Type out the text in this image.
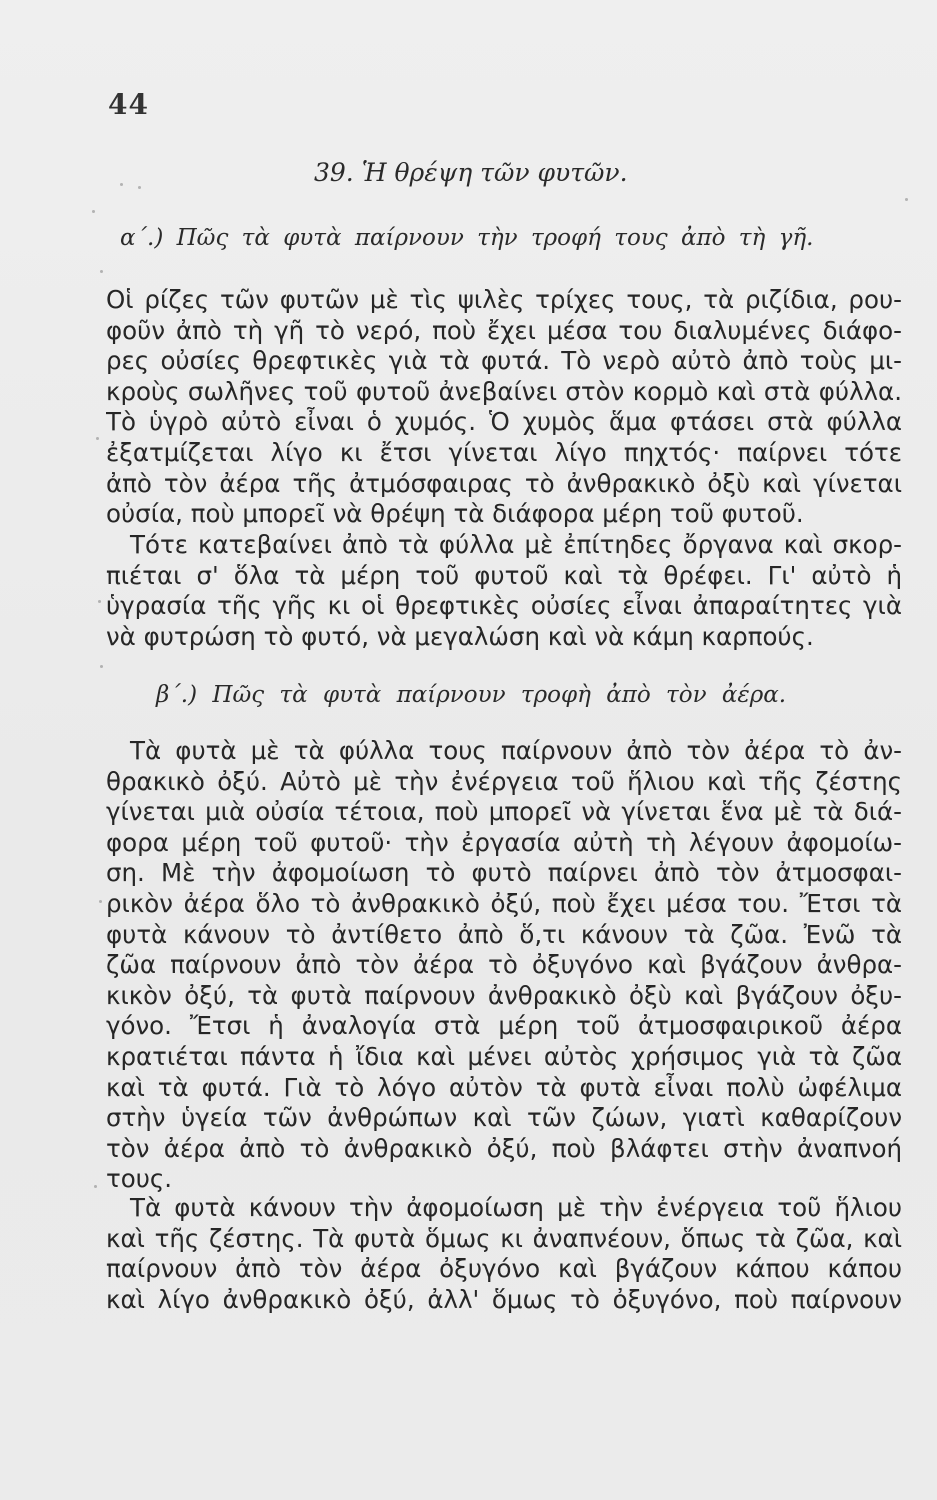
44
39. Ἡ θρέψη τῶν φυτῶν.
α΄.) Πῶς τὰ φυτὰ παίρνουν τὴν τροφή τους ἀπὸ τὴ γῆ.
Οἱ ρίζες τῶν φυτῶν μὲ τὶς ψιλὲς τρίχες τους, τὰ ριζίδια, ρου-
φοῦν ἀπὸ τὴ γῆ τὸ νερό, ποὺ ἔχει μέσα του διαλυμένες διάφο-
ρες οὐσίες θρεφτικὲς γιὰ τὰ φυτά. Τὸ νερὸ αὐτὸ ἀπὸ τοὺς μι-
κροὺς σωλῆνες τοῦ φυτοῦ ἀνεβαίνει στὸν κορμὸ καὶ στὰ φύλλα.
Τὸ ὑγρὸ αὐτὸ εἶναι ὁ χυμός. Ὁ χυμὸς ἅμα φτάσει στὰ φύλλα
ἐξατμίζεται λίγο κι ἔτσι γίνεται λίγο πηχτός· παίρνει τότε
ἀπὸ τὸν ἀέρα τῆς ἀτμόσφαιρας τὸ ἀνθρακικὸ ὀξὺ καὶ γίνεται
οὐσία, ποὺ μπορεῖ νὰ θρέψη τὰ διάφορα μέρη τοῦ φυτοῦ.
Τότε κατεβαίνει ἀπὸ τὰ φύλλα μὲ ἐπίτηδες ὄργανα καὶ σκορ-
πιέται σ' ὅλα τὰ μέρη τοῦ φυτοῦ καὶ τὰ θρέφει. Γι' αὐτὸ ἡ
ὑγρασία τῆς γῆς κι οἱ θρεφτικὲς οὐσίες εἶναι ἀπαραίτητες γιὰ
νὰ φυτρώση τὸ φυτό, νὰ μεγαλώση καὶ νὰ κάμη καρπούς.
β΄.) Πῶς τὰ φυτὰ παίρνουν τροφὴ ἀπὸ τὸν ἀέρα.
Τὰ φυτὰ μὲ τὰ φύλλα τους παίρνουν ἀπὸ τὸν ἀέρα τὸ ἀν-
θρακικὸ ὀξύ. Αὐτὸ μὲ τὴν ἐνέργεια τοῦ ἥλιου καὶ τῆς ζέστης
γίνεται μιὰ οὐσία τέτοια, ποὺ μπορεῖ νὰ γίνεται ἕνα μὲ τὰ διά-
φορα μέρη τοῦ φυτοῦ· τὴν ἐργασία αὐτὴ τὴ λέγουν ἀφομοίω-
ση. Μὲ τὴν ἀφομοίωση τὸ φυτὸ παίρνει ἀπὸ τὸν ἀτμοσφαι-
ρικὸν ἀέρα ὅλο τὸ ἀνθρακικὸ ὀξύ, ποὺ ἔχει μέσα του. Ἔτσι τὰ
φυτὰ κάνουν τὸ ἀντίθετο ἀπὸ ὅ,τι κάνουν τὰ ζῶα. Ἐνῶ τὰ
ζῶα παίρνουν ἀπὸ τὸν ἀέρα τὸ ὀξυγόνο καὶ βγάζουν ἀνθρα-
κικὸν ὀξύ, τὰ φυτὰ παίρνουν ἀνθρακικὸ ὀξὺ καὶ βγάζουν ὀξυ-
γόνο. Ἔτσι ἡ ἀναλογία στὰ μέρη τοῦ ἀτμοσφαιρικοῦ ἀέρα
κρατιέται πάντα ἡ ἴδια καὶ μένει αὐτὸς χρήσιμος γιὰ τὰ ζῶα
καὶ τὰ φυτά. Γιὰ τὸ λόγο αὐτὸν τὰ φυτὰ εἶναι πολὺ ὠφέλιμα
στὴν ὑγεία τῶν ἀνθρώπων καὶ τῶν ζώων, γιατὶ καθαρίζουν
τὸν ἀέρα ἀπὸ τὸ ἀνθρακικὸ ὀξύ, ποὺ βλάφτει στὴν ἀναπνοή
τους.
Τὰ φυτὰ κάνουν τὴν ἀφομοίωση μὲ τὴν ἐνέργεια τοῦ ἥλιου
καὶ τῆς ζέστης. Τὰ φυτὰ ὅμως κι ἀναπνέουν, ὅπως τὰ ζῶα, καὶ
παίρνουν ἀπὸ τὸν ἀέρα ὀξυγόνο καὶ βγάζουν κάπου κάπου
καὶ λίγο ἀνθρακικὸ ὀξύ, ἀλλ' ὅμως τὸ ὀξυγόνο, ποὺ παίρνουν
